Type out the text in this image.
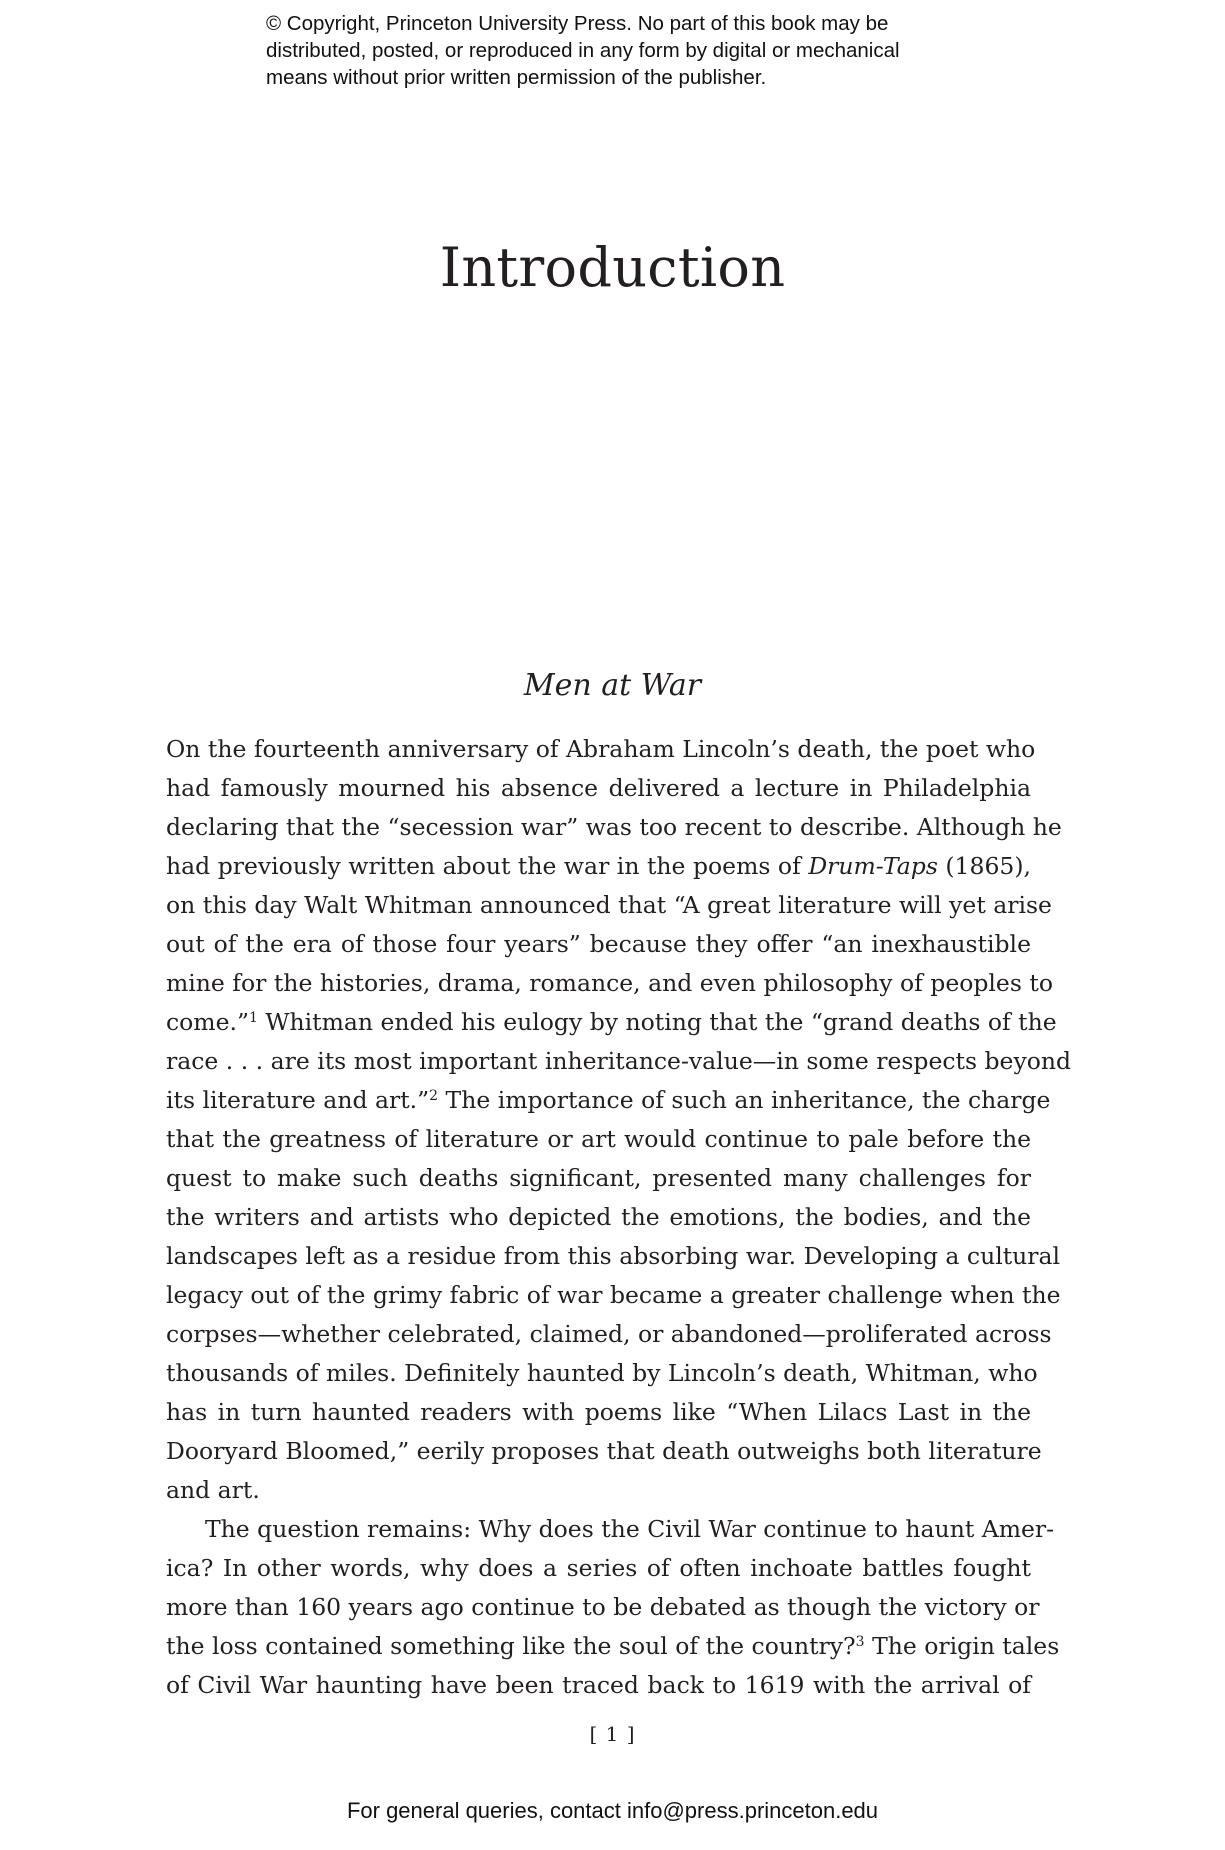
© Copyright, Princeton University Press. No part of this book may be
distributed, posted, or reproduced in any form by digital or mechanical
means without prior written permission of the publisher.
Introduction
Men at War
On the fourteenth anniversary of Abraham Lincoln’s death, the poet who
had famously mourned his absence delivered a lecture in Philadelphia
declaring that the “secession war” was too recent to describe. Although he
had previously written about the war in the poems of Drum-Taps (1865),
on this day Walt Whitman announced that “A great literature will yet arise
out of the era of those four years” because they offer “an inexhaustible
mine for the histories, drama, romance, and even philosophy of peoples to
come.”$^1$ Whitman ended his eulogy by noting that the “grand deaths of the
race . . . are its most important inheritance-value—in some respects beyond
its literature and art.”$^2$ The importance of such an inheritance, the charge
that the greatness of literature or art would continue to pale before the
quest to make such deaths significant, presented many challenges for
the writers and artists who depicted the emotions, the bodies, and the
landscapes left as a residue from this absorbing war. Developing a cultural
legacy out of the grimy fabric of war became a greater challenge when the
corpses—whether celebrated, claimed, or abandoned—proliferated across
thousands of miles. Definitely haunted by Lincoln’s death, Whitman, who
has in turn haunted readers with poems like “When Lilacs Last in the
Dooryard Bloomed,” eerily proposes that death outweighs both literature
and art.
The question remains: Why does the Civil War continue to haunt Amer-
ica? In other words, why does a series of often inchoate battles fought
more than 160 years ago continue to be debated as though the victory or
the loss contained something like the soul of the country?$^3$ The origin tales
of Civil War haunting have been traced back to 1619 with the arrival of
[ 1 ]
For general queries, contact info@press.princeton.edu
